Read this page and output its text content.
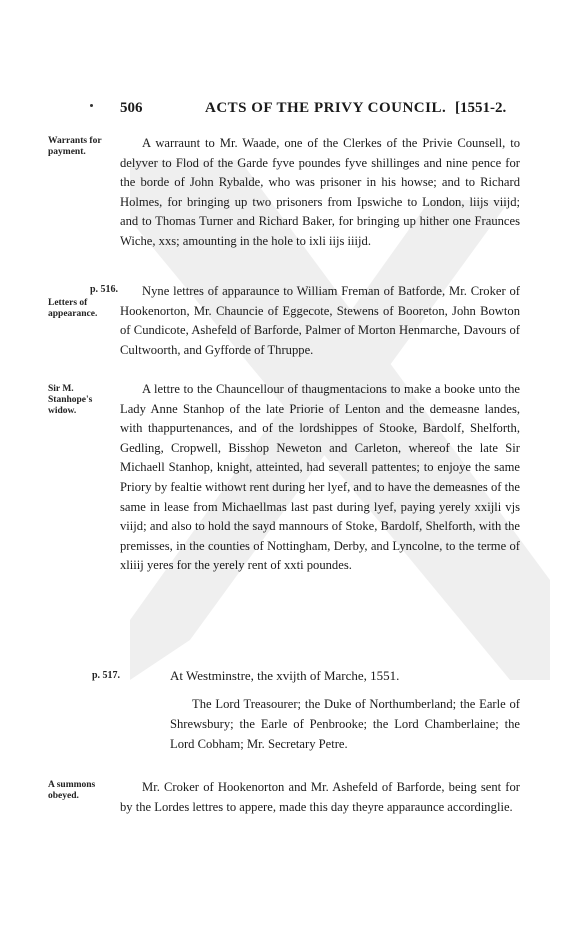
506	ACTS OF THE PRIVY COUNCIL. [1551-2.
Warrants for payment.

A warraunt to Mr. Waade, one of the Clerkes of the Privie Counsell, to delyver to Flod of the Garde fyve poundes fyve shillinges and nine pence for the borde of John Rybalde, who was prisoner in his howse; and to Richard Holmes, for bringing up two prisoners from Ipswiche to London, liijs viijd; and to Thomas Turner and Richard Baker, for bringing up hither one Fraunces Wiche, xxs; amounting in the hole to ixli iijs iiijd.

p. 516.
Letters of appearance.

Nyne lettres of apparaunce to William Freman of Batforde, Mr. Croker of Hookenorton, Mr. Chauncie of Eggecote, Stewens of Booreton, John Bowton of Cundicote, Ashefeld of Barforde, Palmer of Morton Henmarche, Davours of Cultwoorth, and Gyfforde of Thruppe.

Sir M. Stanhope's widow.

A lettre to the Chauncellour of thaugmentacions to make a booke unto the Lady Anne Stanhop of the late Priorie of Lenton and the demeasne landes, with thappurtenances, and of the lordshippes of Stooke, Bardolf, Shelforth, Gedling, Cropwell, Bisshop Neweton and Carleton, whereof the late Sir Michaell Stanhop, knight, atteinted, had severall pattentes; to enjoye the same Priory by fealtie withowt rent during her lyef, and to have the demeasnes of the same in lease from Michaellmas last past during lyef, paying yerely xxijli vjs viijd; and also to hold the sayd mannours of Stoke, Bardolf, Shelforth, with the premisses, in the counties of Nottingham, Derby, and Lyncolne, to the terme of xliiij yeres for the yerely rent of xxti poundes.

p. 517.	At Westminstre, the xvijth of Marche, 1551.
The Lord Treasourer; the Duke of Northumberland; the Earle of Shrewsbury; the Earle of Penbrooke; the Lord Chamberlaine; the Lord Cobham; Mr. Secretary Petre.
A summons obeyed.

Mr. Croker of Hookenorton and Mr. Ashefeld of Barforde, being sent for by the Lordes lettres to appere, made this day theyre apparaunce accordinglie.
